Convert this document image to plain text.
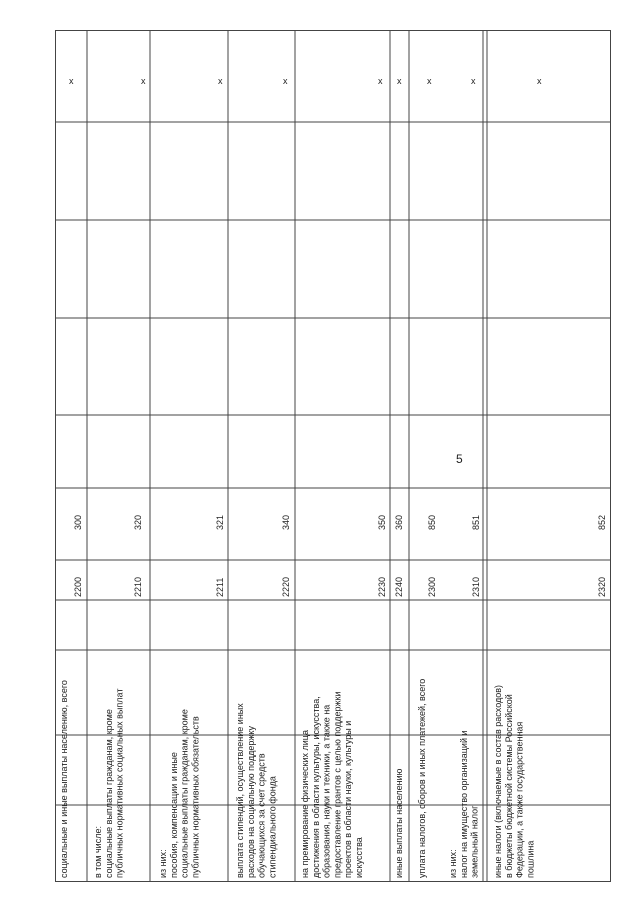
5
социальные и иные выплаты населению, всего
2200
300
x
в том числе:
социальные выплаты гражданам, кроме
публичных нормативных социальных выплат
2210
320
x
из них:
пособия, компенсации и иные
социальные выплаты гражданам, кроме
публичных нормативных обязательств
2211
321
x
выплата стипендий, осуществление иных
расходов на социальную поддержку
обучающихся за счет средств
стипендиального фонда
2220
340
x
на премирование физических лица
достижения в области культуры, искусства,
образования, науки и техники, а также на
предоставление грантов с целью поддержки
проектов в области науки, культуры и
искусства
2230
350
x
иные выплаты населению
2240
360
x
уплата налогов, сборов и иных платежей, всего
2300
850
x
из них:
налог на имущество организаций и
земельный налог
2310
851
x
иные налоги (включаемые в состав расходов)
в бюджеты бюджетной системы Российской
Федерации, а также государственная
пошлина
2320
852
x
